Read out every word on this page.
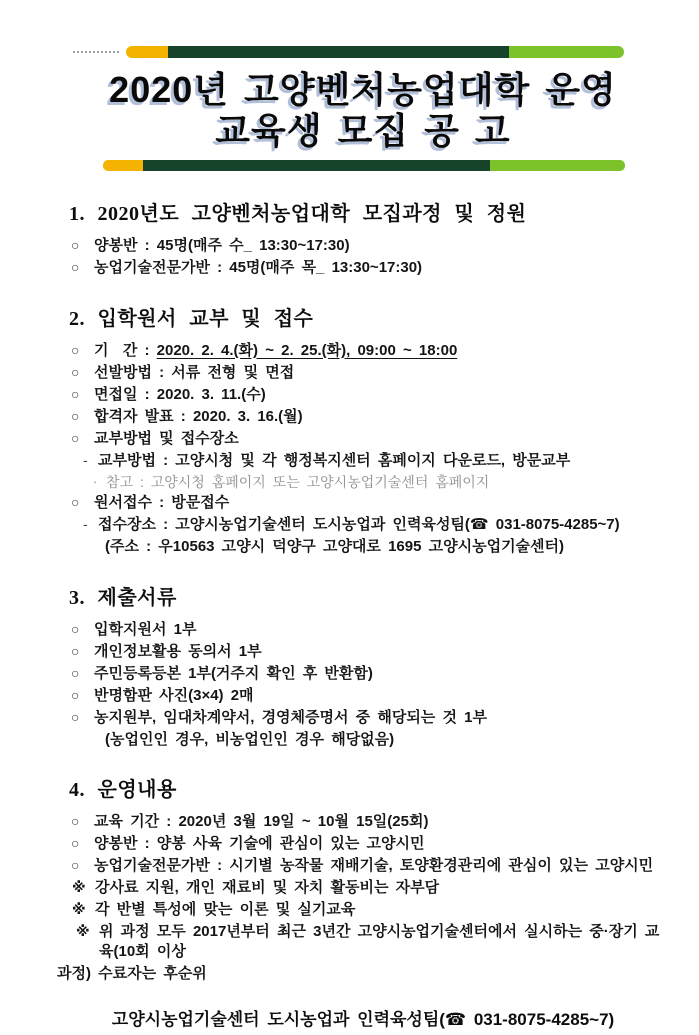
2020년 고양벤처농업대학 운영
교육생 모집 공 고
1. 2020년도 고양벤처농업대학 모집과정 및 정원
○ 양봉반 : 45명(매주 수_ 13:30~17:30)
○ 농업기술전문가반 : 45명(매주 목_ 13:30~17:30)
2. 입학원서 교부 및 접수
○ 기  간 : 2020. 2. 4.(화) ~ 2. 25.(화), 09:00 ~ 18:00
○ 선발방법 : 서류 전형 및 면접
○ 면접일 : 2020. 3. 11.(수)
○ 합격자 발표 : 2020. 3. 16.(월)
○ 교부방법 및 접수장소
- 교부방법 : 고양시청 및 각 행정복지센터 홈페이지 다운로드, 방문교부
· 참고 : 고양시청 홈페이지 또는 고양시농업기술센터 홈페이지
○ 원서접수 : 방문접수
- 접수장소 : 고양시농업기술센터 도시농업과 인력육성팀(☎ 031-8075-4285~7)
(주소 : 우10563 고양시 덕양구 고양대로 1695 고양시농업기술센터)
3. 제출서류
○ 입학지원서 1부
○ 개인정보활용 동의서 1부
○ 주민등록등본 1부(거주지 확인 후 반환함)
○ 반명함판 사진(3×4) 2매
○ 농지원부, 임대차계약서, 경영체증명서 중 해당되는 것 1부
(농업인인 경우, 비농업인인 경우 해당없음)
4. 운영내용
○ 교육 기간 : 2020년 3월 19일 ~ 10월 15일(25회)
○ 양봉반 : 양봉 사육 기술에 관심이 있는 고양시민
○ 농업기술전문가반 : 시기별 농작물 재배기술, 토양환경관리에 관심이 있는 고양시민
※ 강사료 지원, 개인 재료비 및 자치 활동비는 자부담
※ 각 반별 특성에 맞는 이론 및 실기교육
※ 위 과정 모두 2017년부터 최근 3년간 고양시농업기술센터에서 실시하는 중·장기 교육(10회 이상
과정) 수료자는 후순위
고양시농업기술센터 도시농업과 인력육성팀(☎ 031-8075-4285~7)
